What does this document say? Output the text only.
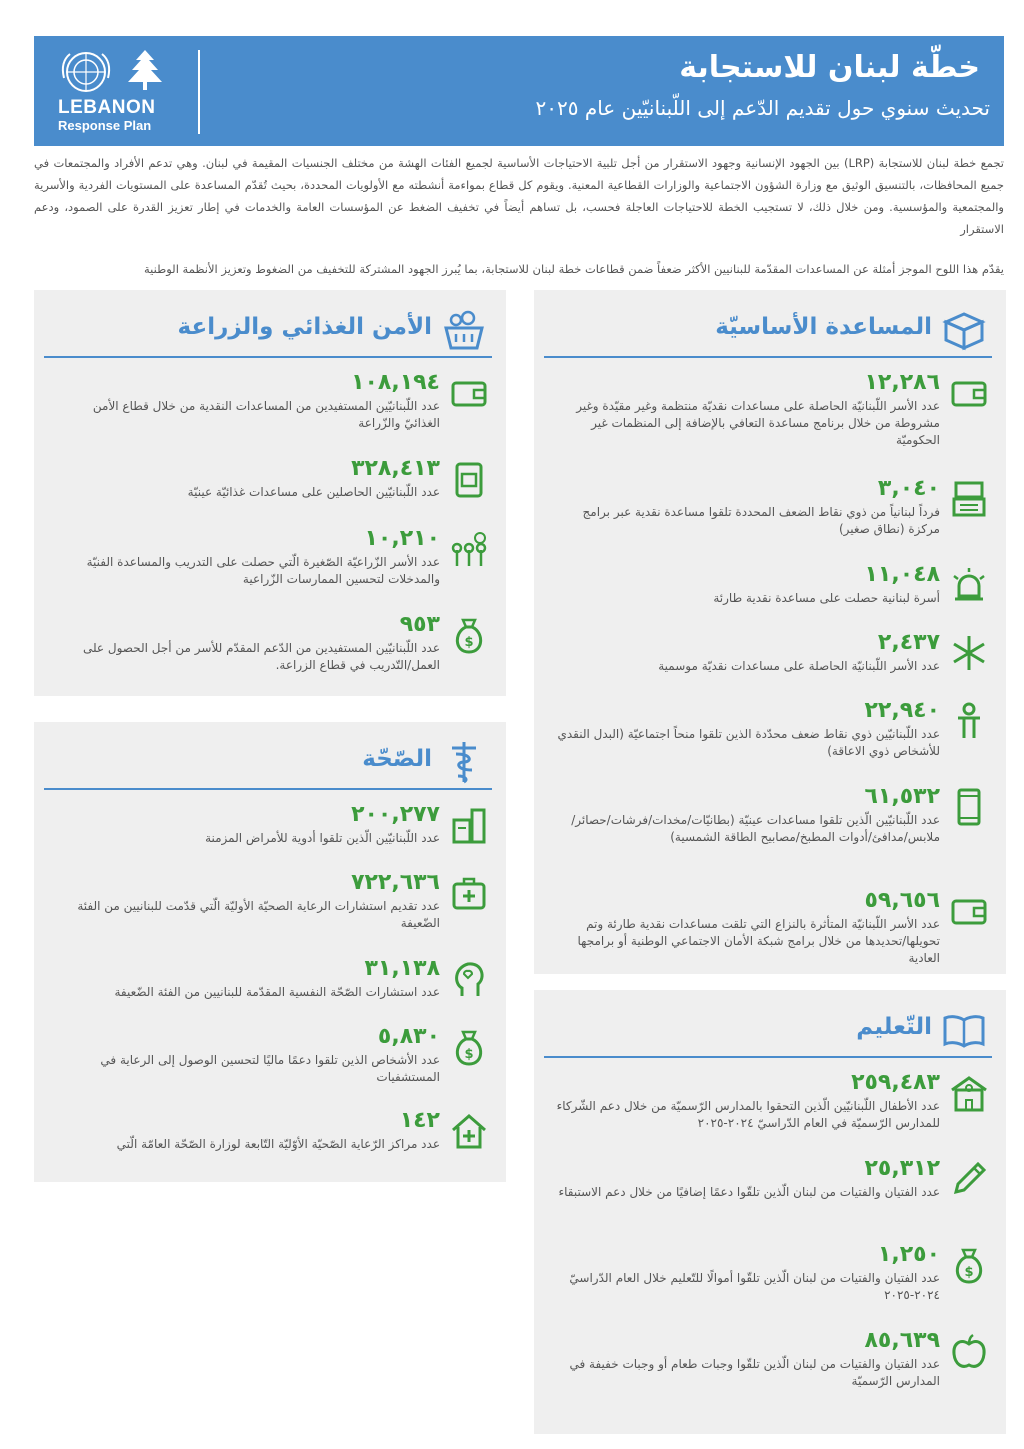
LEBANON
Response Plan
خطّة لبنان للاستجابة
تحديث سنوي حول تقديم الدّعم إلى اللّبنانيّين عام ٢٠٢٥
تجمع خطة لبنان للاستجابة (LRP) بين الجهود الإنسانية وجهود الاستقرار من أجل تلبية الاحتياجات الأساسية لجميع الفئات الهشة من مختلف الجنسيات المقيمة في لبنان. وهي تدعم الأفراد والمجتمعات في جميع المحافظات، بالتنسيق الوثيق مع وزارة الشؤون الاجتماعية والوزارات القطاعية المعنية. ويقوم كل قطاع بمواءمة أنشطته مع الأولويات المحددة، بحيث تُقدّم المساعدة على المستويات الفردية والأسرية والمجتمعية والمؤسسية. ومن خلال ذلك، لا تستجيب الخطة للاحتياجات العاجلة فحسب، بل تساهم أيضاً في تخفيف الضغط عن المؤسسات العامة والخدمات في إطار تعزيز القدرة على الصمود، ودعم الاستقرار
يقدّم هذا اللوح الموجز أمثلة عن المساعدات المقدّمة للبنانيين الأكثر ضعفاً ضمن قطاعات خطة لبنان للاستجابة، بما يُبرز الجهود المشتركة للتخفيف من الضغوط وتعزيز الأنظمة الوطنية
المساعدة الأساسيّة
١٢,٢٨٦
عدد الأسر اللّبنانيّة الحاصلة على مساعدات نقديّة منتظمة وغير مقيّدة وغير مشروطة من خلال برنامج مساعدة التعافي بالإضافة إلى المنظمات غير الحكوميّة
٣,٠٤٠
فرداً لبنانياً من ذوي نقاط الضعف المحددة تلقوا مساعدة نقدية عبر برامج مركزة (نطاق صغير)
١١,٠٤٨
أسرة لبنانية حصلت على مساعدة نقدية طارئة
٢,٤٣٧
عدد الأسر اللّبنانيّة الحاصلة على مساعدات نقديّة موسمية
٢٢,٩٤٠
عدد اللّبنانيّين ذوي نقاط ضعف محدّدة الذين تلقوا منحاً اجتماعيّة (البدل النقدي للأشخاص ذوي الاعاقة)
٦١,٥٣٢
عدد اللّبنانيّين الّذين تلقوا مساعدات عينيّة (بطانيّات/مخدات/فرشات/حصائر/ملابس/مدافئ/أدوات المطبخ/مصابيح الطاقة الشمسية)
٥٩,٦٥٦
عدد الأسر اللّبنانيّة المتأثرة بالنزاع التي تلقت مساعدات نقدية طارئة وتم تحويلها/تحديدها من خلال برامج شبكة الأمان الاجتماعي الوطنية أو برامجها العادية
الأمن الغذائي والزراعة
١٠٨,١٩٤
عدد اللّبنانيّين المستفيدين من المساعدات النقدية من خلال قطاع الأمن الغذائيّ والزّراعة
٣٢٨,٤١٣
عدد اللّبنانيّين الحاصلين على مساعدات غذائيّة عينيّة
١٠,٢١٠
عدد الأسر الزّراعيّة الصّغيرة الّتي حصلت على التدريب والمساعدة الفنيّة والمدخلات لتحسين الممارسات الزّراعية
$
٩٥٣
عدد اللّبنانيّين المستفيدين من الدّعم المقدّم للأسر من أجل الحصول على العمل/التّدريب في قطاع الزراعة.
الصّحّة
٢٠٠,٢٧٧
عدد اللّبنانيّين الّذين تلقوا أدوية للأمراض المزمنة
٧٢٢,٦٣٦
عدد تقديم استشارات الرعاية الصحيّة الأوليّة الّتي قدّمت للبنانيين من الفئة الضّعيفة
٣١,١٣٨
عدد استشارات الصّحّة النفسية المقدّمة للبنانيين من الفئة الضّعيفة
$
٥,٨٣٠
عدد الأشخاص الذين تلقوا دعمًا ماليًا لتحسين الوصول إلى الرعاية في المستشفيات
١٤٢
عدد مراكز الرّعاية الصّحيّة الأوّليّة التّابعة لوزارة الصّحّة العامّة الّتي
التّعليم
٢٥٩,٤٨٣
عدد الأطفال اللّبنانيّين الّذين التحقوا بالمدارس الرّسميّة من خلال دعم الشّركاء للمدارس الرّسميّة في العام الدّراسيّ ٢٠٢٤-٢٠٢٥
٢٥,٣١٢
عدد الفتيان والفتيات من لبنان الّذين تلقّوا دعمًا إضافيًا من خلال دعم الاستبقاء
$
١,٢٥٠
عدد الفتيان والفتيات من لبنان الّذين تلقّوا أموالًا للتّعليم خلال العام الدّراسيّ ٢٠٢٤-٢٠٢٥
٨٥,٦٣٩
عدد الفتيان والفتيات من لبنان الّذين تلقّوا وجبات طعام أو وجبات خفيفة في المدارس الرّسميّة
